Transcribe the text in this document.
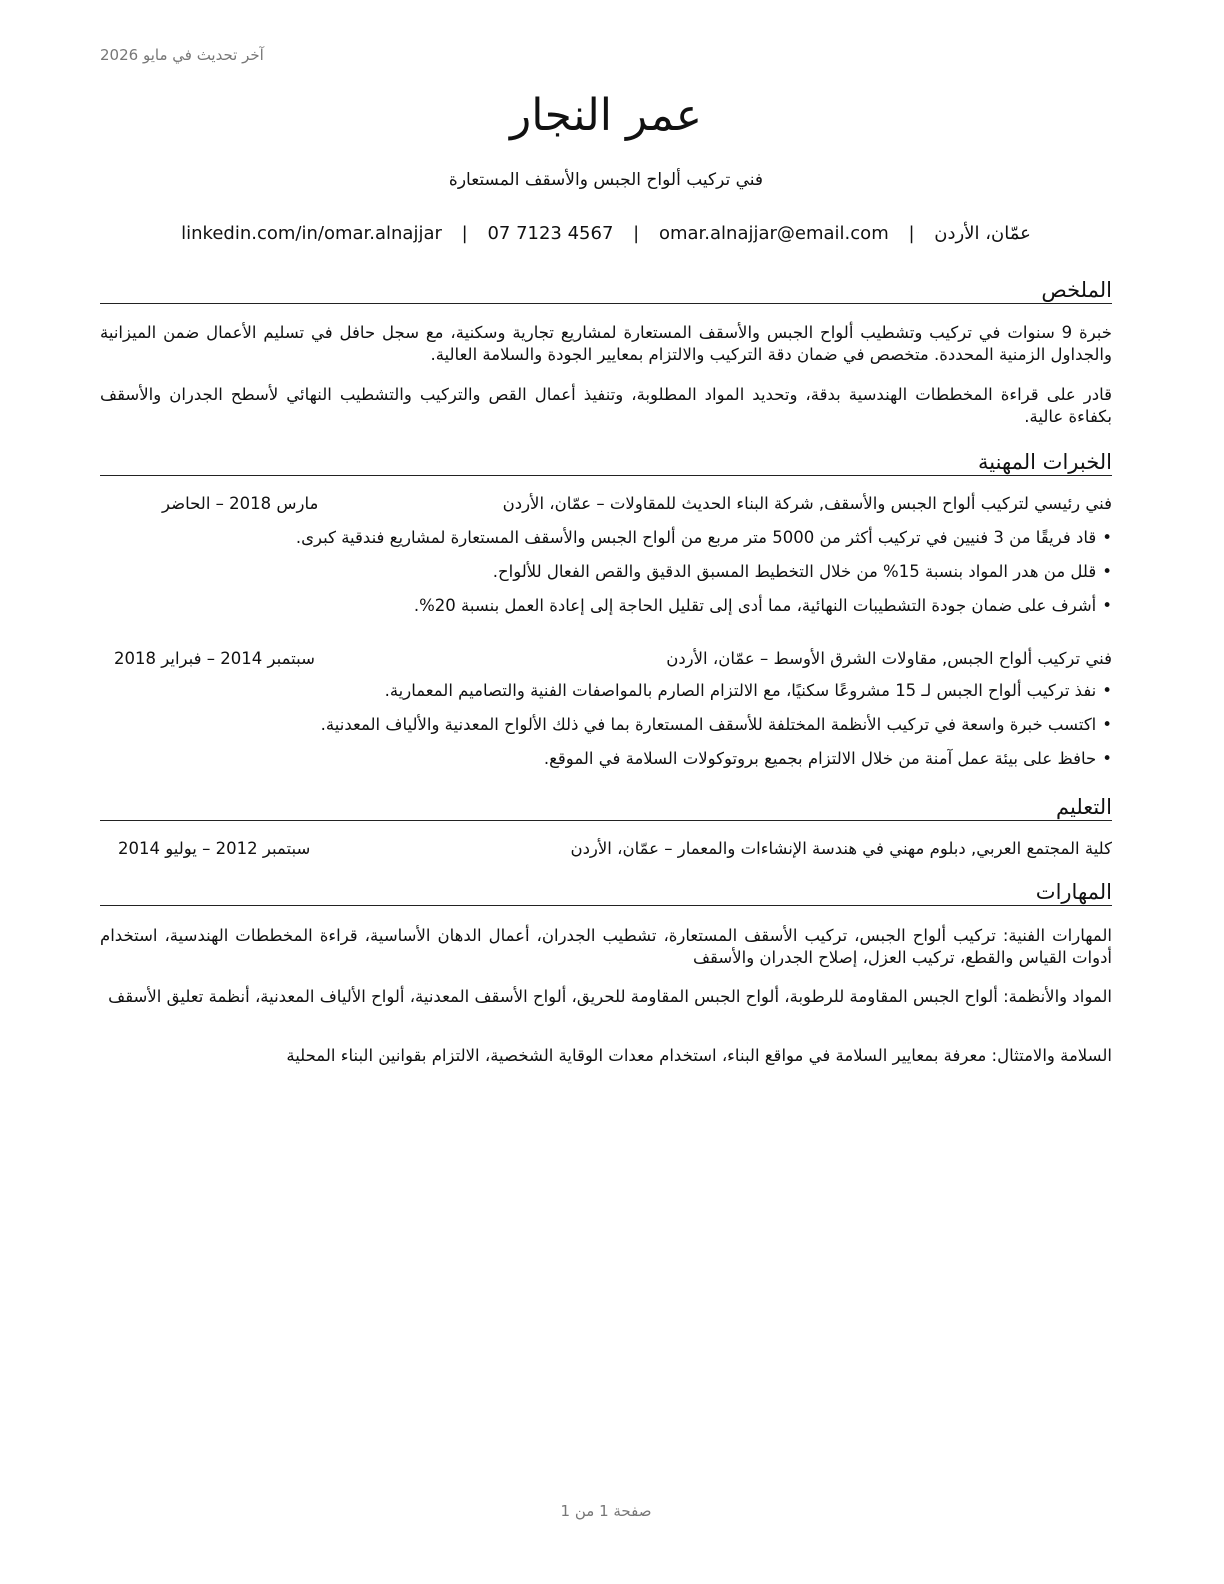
آخر تحديث في مايو 2026
عمر النجار
فني تركيب ألواح الجبس والأسقف المستعارة
عمّان، الأردن | omar.alnajjar@email.com | 07 7123 4567 | linkedin.com/in/omar.alnajjar
الملخص

خبرة 9 سنوات في تركيب وتشطيب ألواح الجبس والأسقف المستعارة لمشاريع تجارية وسكنية، مع سجل حافل في تسليم الأعمال ضمن الميزانية والجداول الزمنية المحددة. متخصص في ضمان دقة التركيب والالتزام بمعايير الجودة والسلامة العالية.

قادر على قراءة المخططات الهندسية بدقة، وتحديد المواد المطلوبة، وتنفيذ أعمال القص والتركيب والتشطيب النهائي لأسطح الجدران والأسقف بكفاءة عالية.

الخبرات المهنية
فني رئيسي لتركيب ألواح الجبس والأسقف, شركة البناء الحديث للمقاولات – عمّان، الأردن
مارس 2018 – الحاضر
•قاد فريقًا من 3 فنيين في تركيب أكثر من 5000 متر مربع من ألواح الجبس والأسقف المستعارة لمشاريع فندقية كبرى.
•قلل من هدر المواد بنسبة 15% من خلال التخطيط المسبق الدقيق والقص الفعال للألواح.
•أشرف على ضمان جودة التشطيبات النهائية، مما أدى إلى تقليل الحاجة إلى إعادة العمل بنسبة 20%.
فني تركيب ألواح الجبس, مقاولات الشرق الأوسط – عمّان، الأردن
سبتمبر 2014 – فبراير 2018
•نفذ تركيب ألواح الجبس لـ 15 مشروعًا سكنيًا، مع الالتزام الصارم بالمواصفات الفنية والتصاميم المعمارية.
•اكتسب خبرة واسعة في تركيب الأنظمة المختلفة للأسقف المستعارة بما في ذلك الألواح المعدنية والألياف المعدنية.
•حافظ على بيئة عمل آمنة من خلال الالتزام بجميع بروتوكولات السلامة في الموقع.
التعليم
كلية المجتمع العربي, دبلوم مهني في هندسة الإنشاءات والمعمار – عمّان، الأردن
سبتمبر 2012 – يوليو 2014
المهارات

المهارات الفنية: تركيب ألواح الجبس، تركيب الأسقف المستعارة، تشطيب الجدران، أعمال الدهان الأساسية، قراءة المخططات الهندسية، استخدام أدوات القياس والقطع، تركيب العزل، إصلاح الجدران والأسقف

المواد والأنظمة: ألواح الجبس المقاومة للرطوبة، ألواح الجبس المقاومة للحريق، ألواح الأسقف المعدنية، ألواح الألياف المعدنية، أنظمة تعليق الأسقف

السلامة والامتثال: معرفة بمعايير السلامة في مواقع البناء، استخدام معدات الوقاية الشخصية، الالتزام بقوانين البناء المحلية

صفحة 1 من 1
